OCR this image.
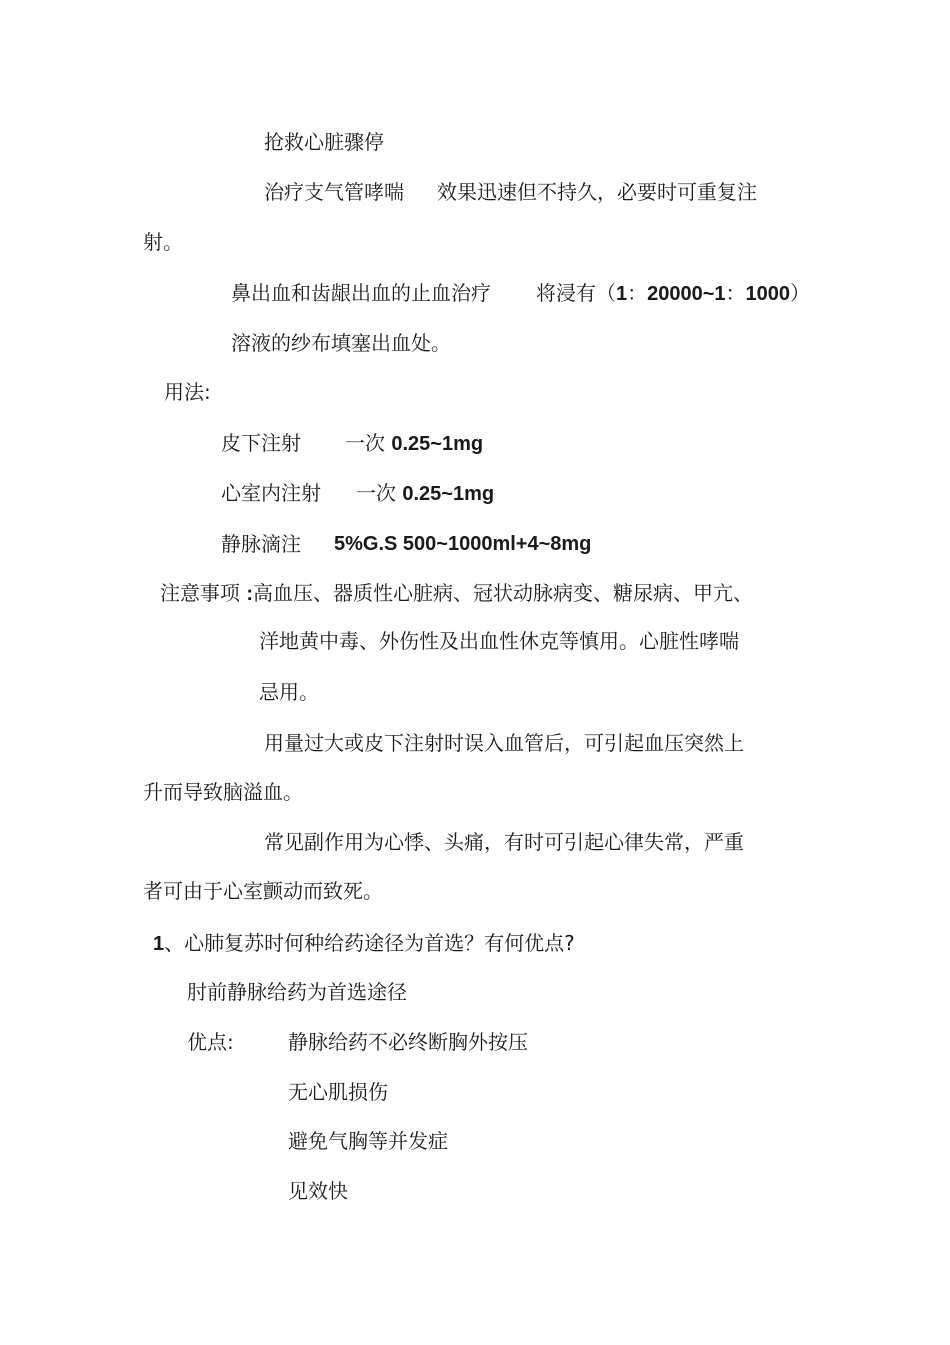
抢救心脏骤停
治疗支气管哮喘 效果迅速但不持久，必要时可重复注
射。
鼻出血和齿龈出血的止血治疗 将浸有（1：20000~1：1000）
溶液的纱布填塞出血处。
用法:
皮下注射 一次 0.25~1mg
心室内注射 一次 0.25~1mg
静脉滴注 5%G.S 500~1000ml+4~8mg
注意事项 :高血压、器质性心脏病、冠状动脉病变、糖尿病、甲亢、
洋地黄中毒、外伤性及出血性休克等慎用。心脏性哮喘
忌用。
用量过大或皮下注射时误入血管后，可引起血压突然上
升而导致脑溢血。
常见副作用为心悸、头痛，有时可引起心律失常，严重
者可由于心室颤动而致死。
1、心肺复苏时何种给药途径为首选？有何优点?
肘前静脉给药为首选途径
优点:	静脉给药不必终断胸外按压
无心肌损伤
避免气胸等并发症
见效快
